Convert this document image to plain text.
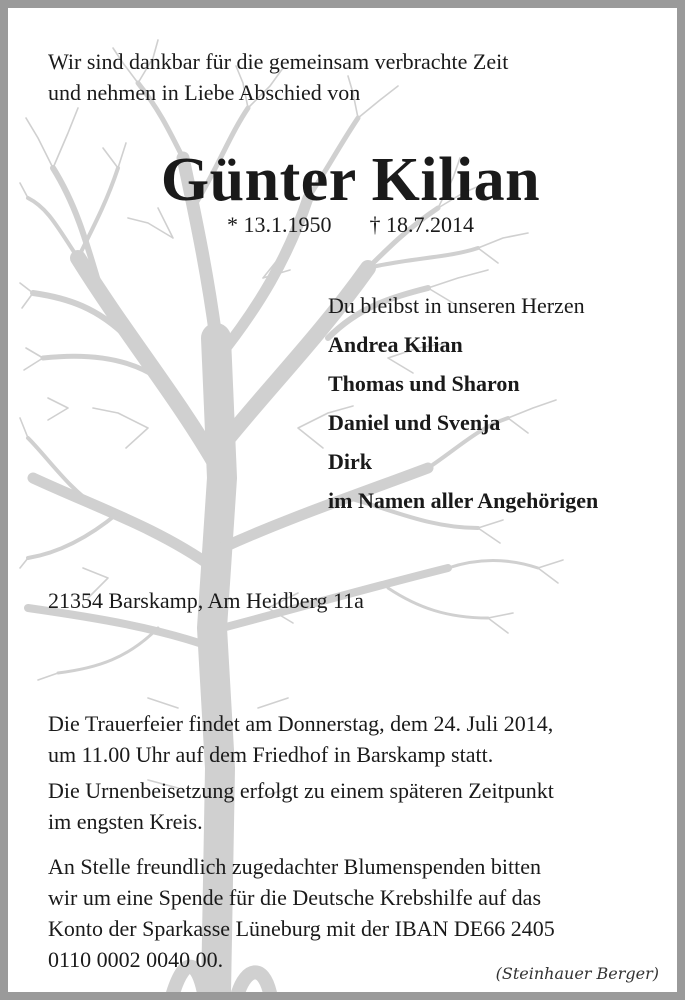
Wir sind dankbar für die gemeinsam verbrachte Zeit
und nehmen in Liebe Abschied von
Günter Kilian
* 13.1.1950 † 18.7.2014
Du bleibst in unseren Herzen
Andrea Kilian
Thomas und Sharon
Daniel und Svenja
Dirk
im Namen aller Angehörigen
21354 Barskamp, Am Heidberg 11a
Die Trauerfeier findet am Donnerstag, dem 24. Juli 2014,
um 11.00 Uhr auf dem Friedhof in Barskamp statt.
Die Urnenbeisetzung erfolgt zu einem späteren Zeitpunkt
im engsten Kreis.
An Stelle freundlich zugedachter Blumenspenden bitten
wir um eine Spende für die Deutsche Krebshilfe auf das
Konto der Sparkasse Lüneburg mit der IBAN DE66 2405
0110 0002 0040 00.
(Steinhauer Berger)
